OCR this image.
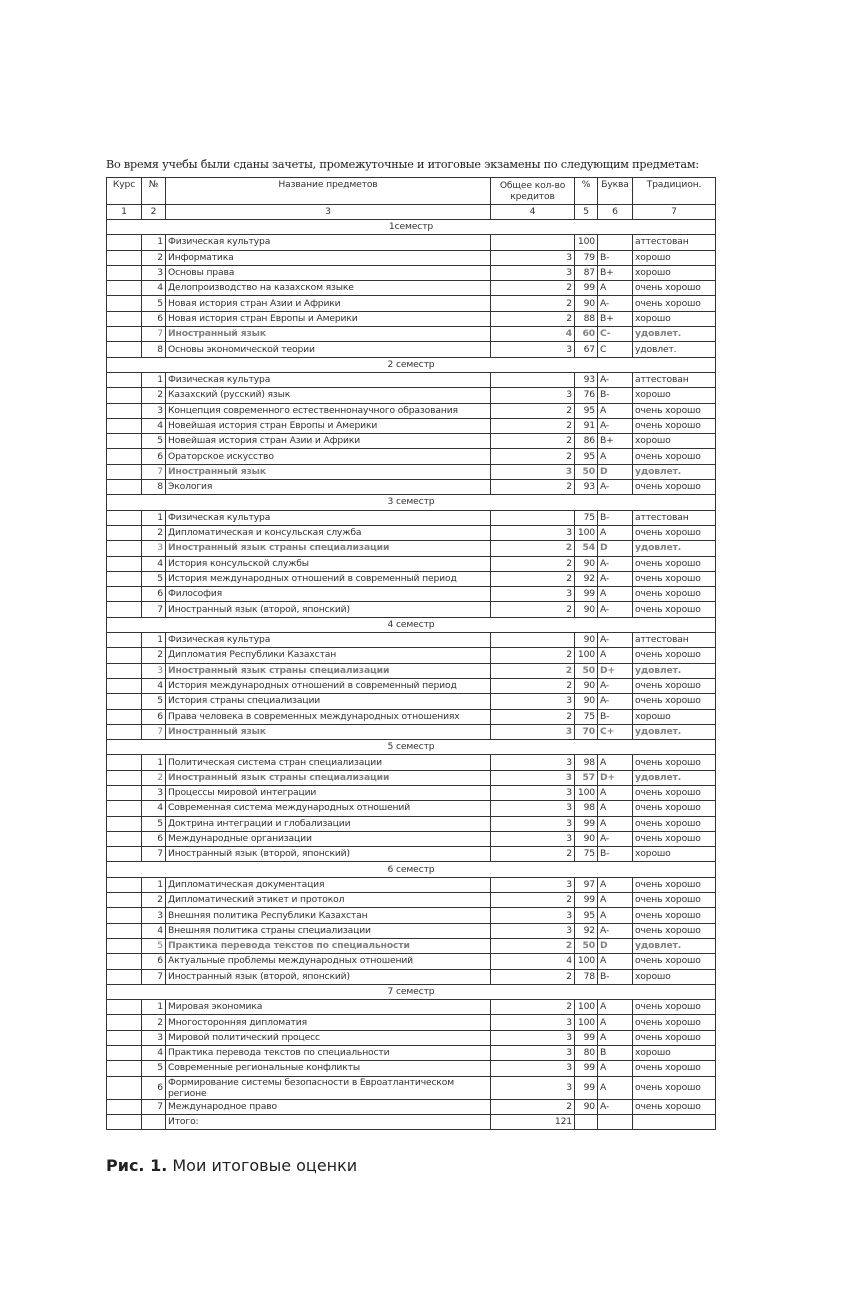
Во время учебы были сданы зачеты, промежуточные и итоговые экзамены по следующим предметам:
Курс	№	Название предметов	Общее кол-во кредитов	%	Буква	Традицион.
1	2	3	4	5	6	7
1семестр						
	1	Физическая культура		100		аттестован
	2	Информатика	3	79	B-	хорошо
	3	Основы права	3	87	B+	хорошо
	4	Делопроизводство на казахском языке	2	99	A	очень хорошо
	5	Новая история стран Азии и Африки	2	90	A-	очень хорошо
	6	Новая история стран Европы и Америки	2	88	B+	хорошо
	7	Иностранный язык	4	60	C-	удовлет.
	8	Основы экономической теории	3	67	C	удовлет.
2 семестр						
	1	Физическая культура		93	A-	аттестован
	2	Казахский (русский) язык	3	76	B-	хорошо
	3	Концепция современного естественнонаучного образования	2	95	A	очень хорошо
	4	Новейшая история стран Европы и Америки	2	91	A-	очень хорошо
	5	Новейшая история стран Азии и Африки	2	86	B+	хорошо
	6	Ораторское искусство	2	95	A	очень хорошо
	7	Иностранный язык	3	50	D	удовлет.
	8	Экология	2	93	A-	очень хорошо
3 семестр						
	1	Физическая культура		75	B-	аттестован
	2	Дипломатическая и консульская служба	3	100	A	очень хорошо
	3	Иностранный язык страны специализации	2	54	D	удовлет.
	4	История консульской службы	2	90	A-	очень хорошо
	5	История международных отношений в современный период	2	92	A-	очень хорошо
	6	Философия	3	99	A	очень хорошо
	7	Иностранный язык (второй, японский)	2	90	A-	очень хорошо
4 семестр						
	1	Физическая культура		90	A-	аттестован
	2	Дипломатия Республики Казахстан	2	100	A	очень хорошо
	3	Иностранный язык страны специализации	2	50	D+	удовлет.
	4	История международных отношений в современный период	2	90	A-	очень хорошо
	5	История страны специализации	3	90	A-	очень хорошо
	6	Права человека в современных международных отношениях	2	75	B-	хорошо
	7	Иностранный язык	3	70	C+	удовлет.
5 семестр						
	1	Политическая система стран специализации	3	98	A	очень хорошо
	2	Иностранный язык страны специализации	3	57	D+	удовлет.
	3	Процессы мировой интеграции	3	100	A	очень хорошо
	4	Современная система международных отношений	3	98	A	очень хорошо
	5	Доктрина интеграции и глобализации	3	99	A	очень хорошо
	6	Международные организации	3	90	A-	очень хорошо
	7	Иностранный язык (второй, японский)	2	75	B-	хорошо
6 семестр						
	1	Дипломатическая документация	3	97	A	очень хорошо
	2	Дипломатический этикет и протокол	2	99	A	очень хорошо
	3	Внешняя политика Республики Казахстан	3	95	A	очень хорошо
	4	Внешняя политика страны специализации	3	92	A-	очень хорошо
	5	Практика перевода текстов по специальности	2	50	D	удовлет.
	6	Актуальные проблемы международных отношений	4	100	A	очень хорошо
	7	Иностранный язык (второй, японский)	2	78	B-	хорошо
7 семестр						
	1	Мировая экономика	2	100	A	очень хорошо
	2	Многосторонняя дипломатия	3	100	A	очень хорошо
	3	Мировой политический процесс	3	99	A	очень хорошо
	4	Практика перевода текстов по специальности	3	80	B	хорошо
	5	Современные региональные конфликты	3	99	A	очень хорошо
	6	Формирование системы безопасности в Евроатлантическом регионе	3	99	A	очень хорошо
	7	Международное право	2	90	A-	очень хорошо
		Итого:	121			
Рис. 1. Мои итоговые оценки
